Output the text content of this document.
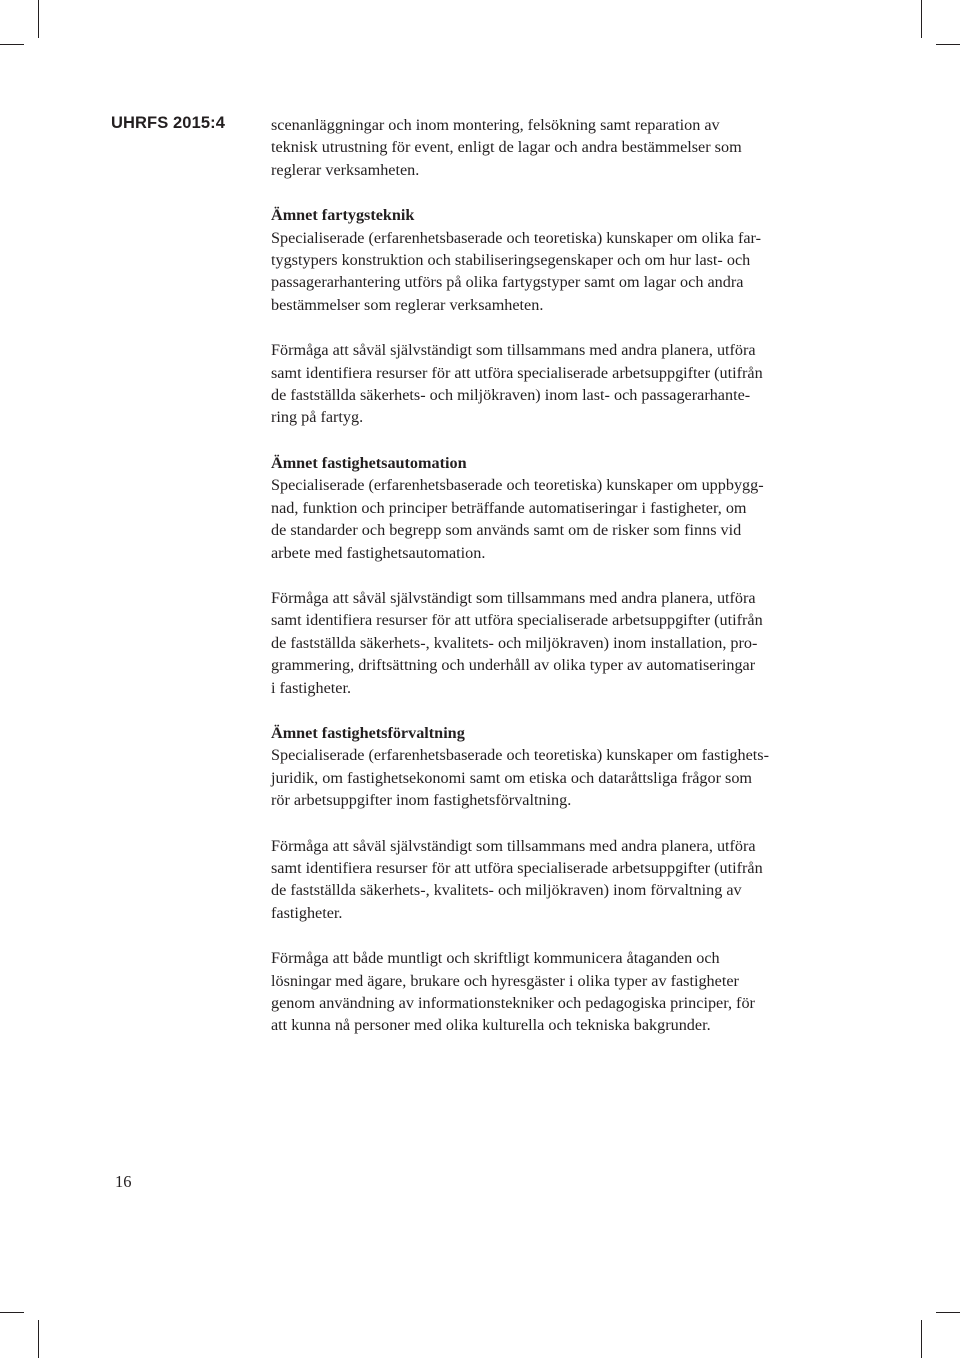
UHRFS 2015:4	scenanläggningar och inom montering, felsökning samt reparation av
teknisk utrustning för event, enligt de lagar och andra bestämmelser som
reglerar verksamheten.

Ämnet fartygsteknik

Specialiserade (erfarenhetsbaserade och teoretiska) kunskaper om olika far-
tygstypers konstruktion och stabiliseringsegenskaper och om hur last- och
passagerarhantering utförs på olika fartygstyper samt om lagar och andra
bestämmelser som reglerar verksamheten.

Förmåga att såväl självständigt som tillsammans med andra planera, utföra
samt identifiera resurser för att utföra specialiserade arbetsuppgifter (utifrån
de fastställda säkerhets- och miljökraven) inom last- och passagerarhante-
ring på fartyg.

Ämnet fastighetsautomation

Specialiserade (erfarenhetsbaserade och teoretiska) kunskaper om uppbygg-
nad, funktion och principer beträffande automatiseringar i fastigheter, om
de standarder och begrepp som används samt om de risker som finns vid
arbete med fastighetsautomation.

Förmåga att såväl självständigt som tillsammans med andra planera, utföra
samt identifiera resurser för att utföra specialiserade arbetsuppgifter (utifrån
de fastställda säkerhets-, kvalitets- och miljökraven) inom installation, pro-
grammering, driftsättning och underhåll av olika typer av automatiseringar
i fastigheter.

Ämnet fastighetsförvaltning

Specialiserade (erfarenhetsbaserade och teoretiska) kunskaper om fastighets-
juridik, om fastighetsekonomi samt om etiska och dataråttsliga frågor som
rör arbetsuppgifter inom fastighetsförvaltning.

Förmåga att såväl självständigt som tillsammans med andra planera, utföra
samt identifiera resurser för att utföra specialiserade arbetsuppgifter (utifrån
de fastställda säkerhets-, kvalitets- och miljökraven) inom förvaltning av
fastigheter.

Förmåga att både muntligt och skriftligt kommunicera åtaganden och
lösningar med ägare, brukare och hyresgäster i olika typer av fastigheter
genom användning av informationstekniker och pedagogiska principer, för
att kunna nå personer med olika kulturella och tekniska bakgrunder.

16
